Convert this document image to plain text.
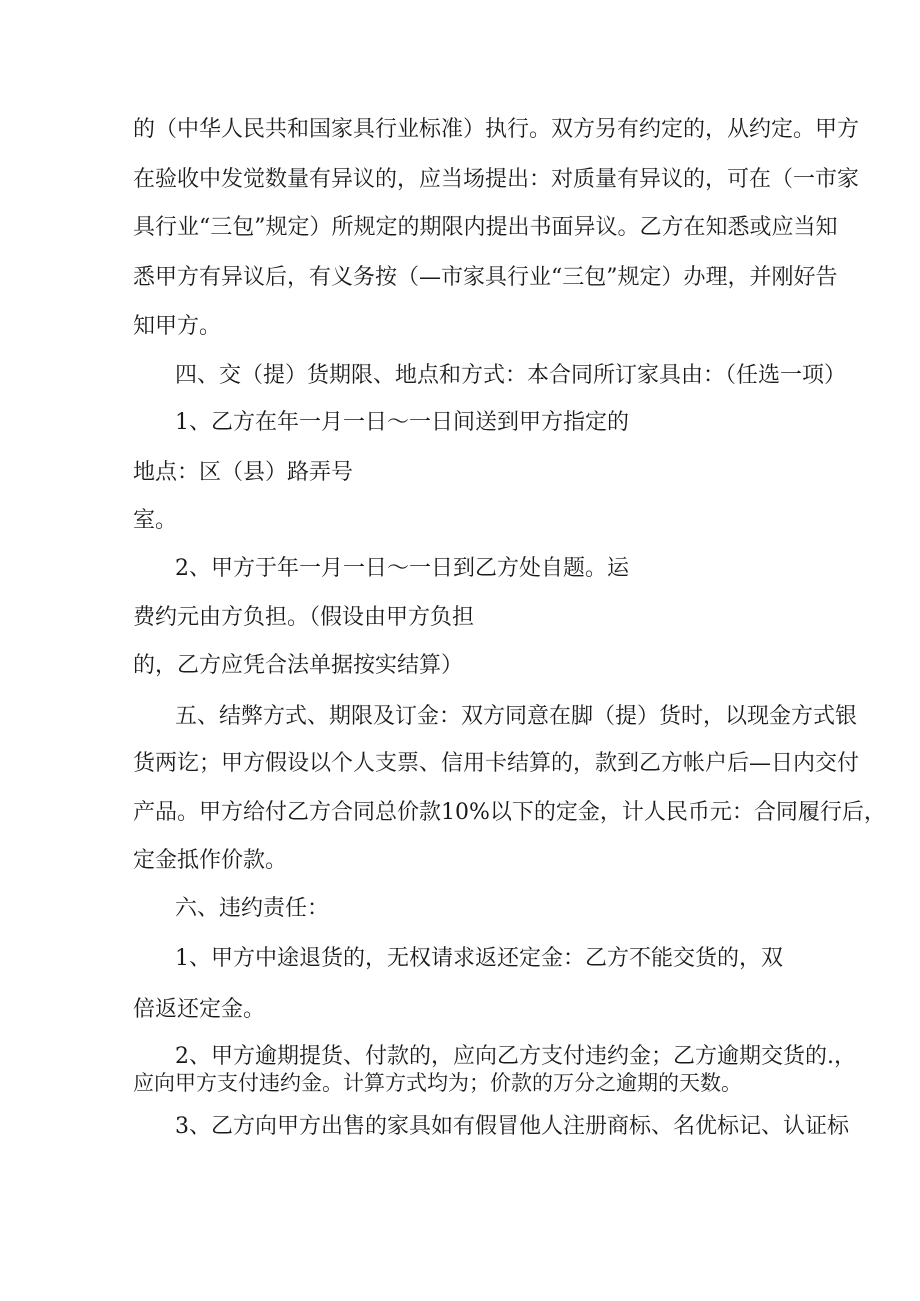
的（中华人民共和国家具行业标准）执行。双方另有约定的，从约定。甲方

在验收中发觉数量有异议的，应当场提出：对质量有异议的，可在（一市家

具行业“三包”规定）所规定的期限内提出书面异议。乙方在知悉或应当知

悉甲方有异议后，有义务按（—市家具行业“三包”规定）办理，并刚好告

知甲方。

四、交（提）货期限、地点和方式：本合同所订家具由：（任选一项）

1、乙方在年一月一日～一日间送到甲方指定的

地点：区（县）路弄号

室。

2、甲方于年一月一日～一日到乙方处自题。运

费约元由方负担。（假设由甲方负担

的，乙方应凭合法单据按实结算）

五、结弊方式、期限及订金：双方同意在脚（提）货时，以现金方式银

货两讫；甲方假设以个人支票、信用卡结算的，款到乙方帐户后—日内交付

产品。甲方给付乙方合同总价款10%以下的定金，计人民币元：合同履行后，

定金抵作价款。

六、违约责任：

1、甲方中途退货的，无权请求返还定金：乙方不能交货的，双

倍返还定金。

2、甲方逾期提货、付款的，应向乙方支付违约金；乙方逾期交货的.，

应向甲方支付违约金。计算方式均为；价款的万分之逾期的天数。

3、乙方向甲方出售的家具如有假冒他人注册商标、名优标记、认证标
